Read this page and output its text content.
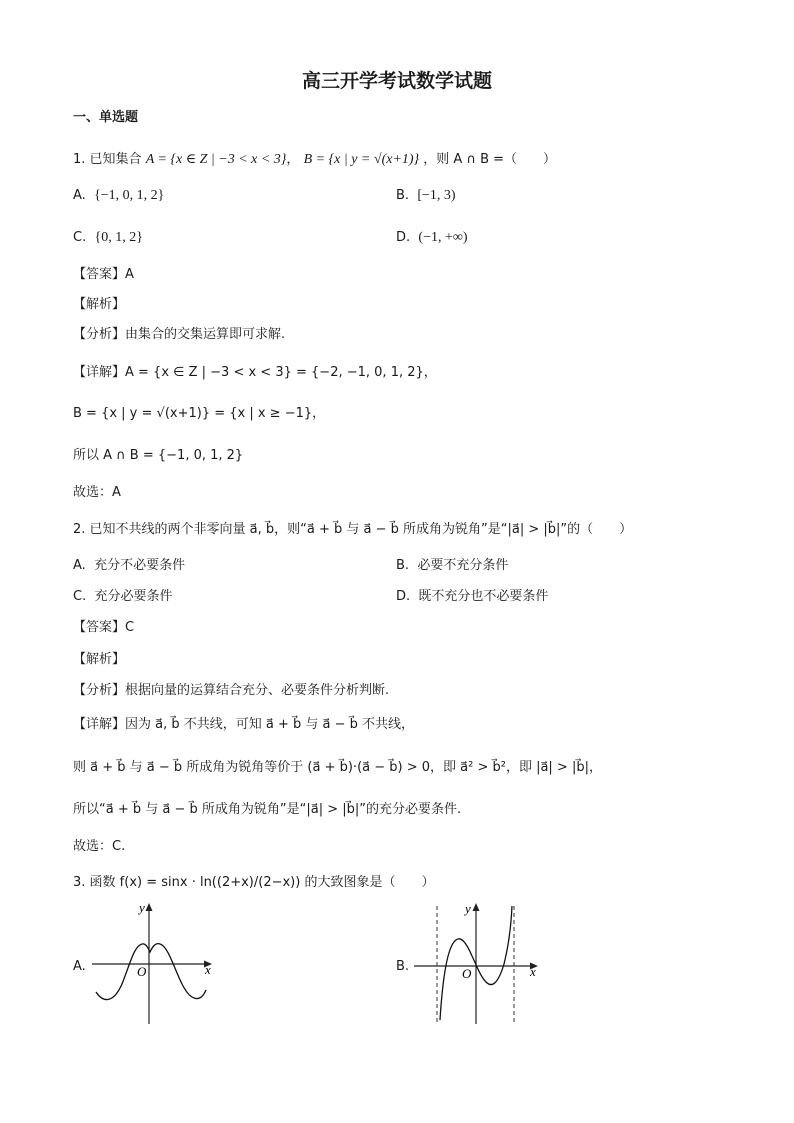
高三开学考试数学试题
一、单选题
1. 已知集合 A = {x ∈ Z | −3 < x < 3}， B = {x | y = √(x+1)} ，则 A ∩ B =（　　）
A. {−1, 0, 1, 2}	B. [−1, 3)
C. {0, 1, 2}	D. (−1, +∞)
【答案】A
【解析】
【分析】由集合的交集运算即可求解.
【详解】A = {x ∈ Z | −3 < x < 3} = {−2, −1, 0, 1, 2}，
B = {x | y = √(x+1)} = {x | x ≥ −1}，
所以 A ∩ B = {−1, 0, 1, 2}
故选：A
2. 已知不共线的两个非零向量 a⃗, b⃗，则“a⃗ + b⃗ 与 a⃗ − b⃗ 所成角为锐角”是“|a⃗| > |b⃗|”的（　　）
A. 充分不必要条件	B. 必要不充分条件
C. 充分必要条件	D. 既不充分也不必要条件
【答案】C
【解析】
【分析】根据向量的运算结合充分、必要条件分析判断.
【详解】因为 a⃗, b⃗ 不共线，可知 a⃗ + b⃗ 与 a⃗ − b⃗ 不共线，
则 a⃗ + b⃗ 与 a⃗ − b⃗ 所成角为锐角等价于 (a⃗ + b⃗)·(a⃗ − b⃗) > 0，即 a⃗² > b⃗²，即 |a⃗| > |b⃗|，
所以“a⃗ + b⃗ 与 a⃗ − b⃗ 所成角为锐角”是“|a⃗| > |b⃗|”的充分必要条件.
故选：C.
3. 函数 f(x) = sinx · ln((2+x)/(2−x)) 的大致图象是（　　）
A.
y
x
O	B.
y
x
O
